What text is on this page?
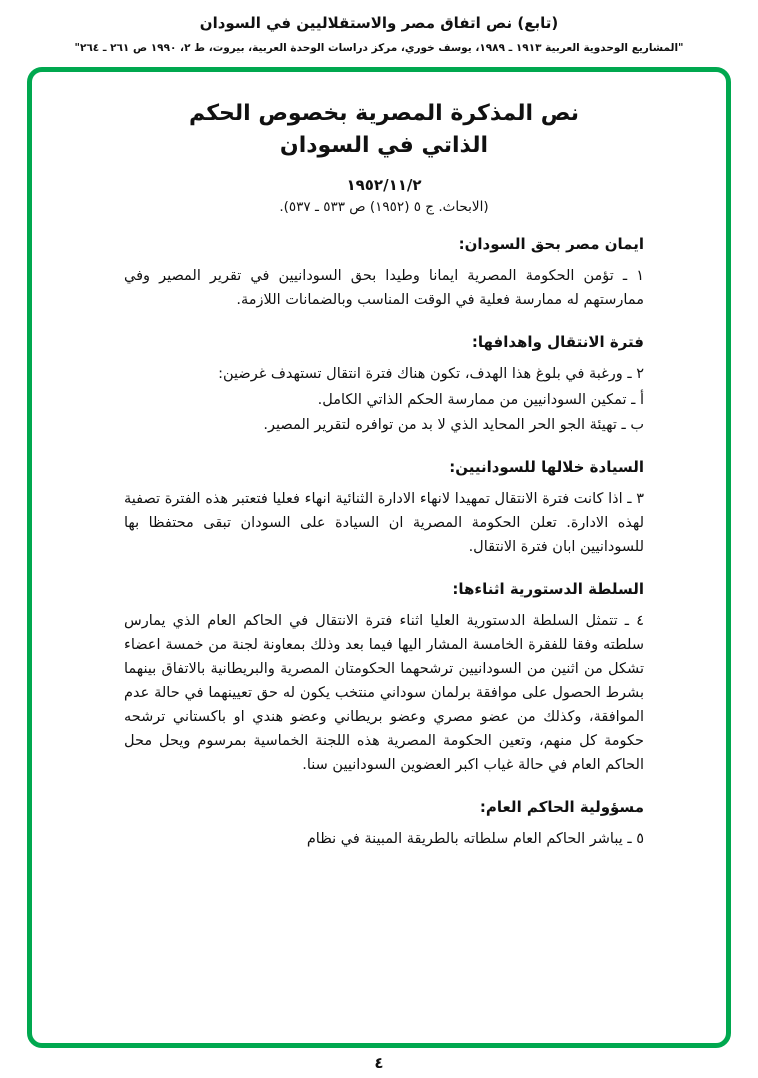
(تابع) نص اتفاق مصر والاستقلاليين في السودان
"المشاريع الوحدوية العربية ١٩١٣ ـ ١٩٨٩، يوسف خوري، مركز دراسات الوحدة العربية، بيروت، ط ٢، ١٩٩٠ ص ٢٦١ ـ ٢٦٤"
نص المذكرة المصرية بخصوص الحكم
الذاتي في السودان
١٩٥٢/١١/٢
(الابحاث. ج ٥ (١٩٥٢) ص ٥٣٣ ـ ٥٣٧).
ايمان مصر بحق السودان:

١ ـ تؤمن الحكومة المصرية ايمانا وطيدا بحق السودانيين في تقرير المصير وفي ممارستهم له ممارسة فعلية في الوقت المناسب وبالضمانات اللازمة.

فترة الانتقال واهدافها:

٢ ـ ورغبة في بلوغ هذا الهدف، تكون هناك فترة انتقال تستهدف غرضين:

أ ـ تمكين السودانيين من ممارسة الحكم الذاتي الكامل.

ب ـ تهيئة الجو الحر المحايد الذي لا بد من توافره لتقرير المصير.

السيادة خلالها للسودانيين:

٣ ـ اذا كانت فترة الانتقال تمهيدا لانهاء الادارة الثنائية انهاء فعليا فتعتبر هذه الفترة تصفية لهذه الادارة. تعلن الحكومة المصرية ان السيادة على السودان تبقى محتفظا بها للسودانيين ابان فترة الانتقال.

السلطة الدستورية اثناءها:

٤ ـ تتمثل السلطة الدستورية العليا اثناء فترة الانتقال في الحاكم العام الذي يمارس سلطته وفقا للفقرة الخامسة المشار اليها فيما بعد وذلك بمعاونة لجنة من خمسة اعضاء تشكل من اثنين من السودانيين ترشحهما الحكومتان المصرية والبريطانية بالاتفاق بينهما بشرط الحصول على موافقة برلمان سوداني منتخب يكون له حق تعيينهما في حالة عدم الموافقة، وكذلك من عضو مصري وعضو بريطاني وعضو هندي او باكستاني ترشحه حكومة كل منهم، وتعين الحكومة المصرية هذه اللجنة الخماسية بمرسوم ويحل محل الحاكم العام في حالة غياب اكبر العضوين السودانيين سنا.

مسؤولية الحاكم العام:

٥ ـ يباشر الحاكم العام سلطاته بالطريقة المبينة في نظام

٤
